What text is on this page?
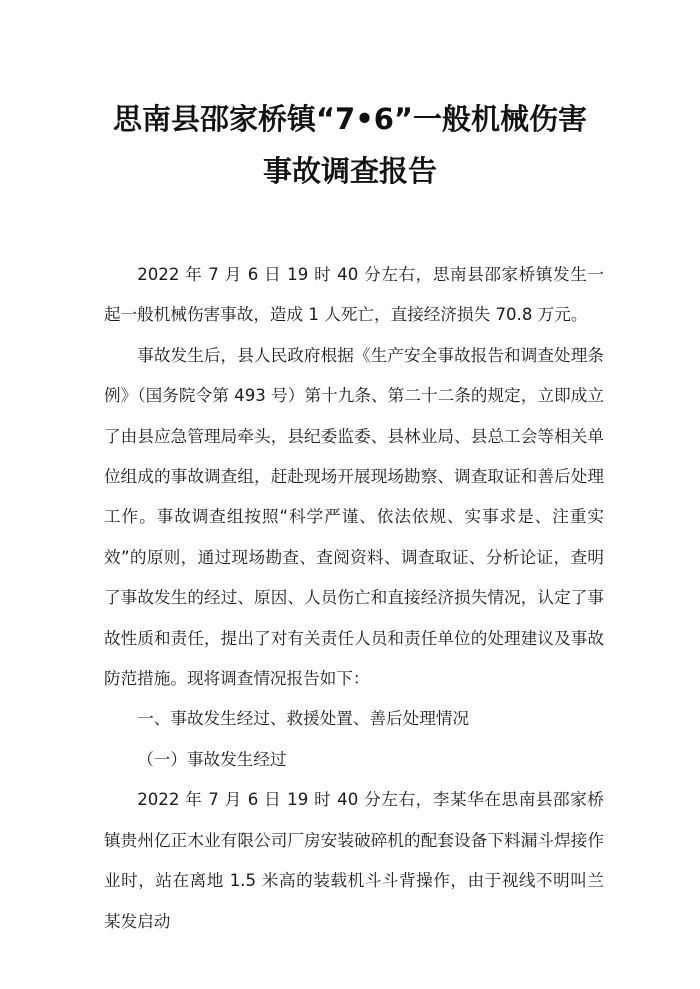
思南县邵家桥镇“7•6”一般机械伤害
事故调查报告

2022 年 7 月 6 日 19 时 40 分左右，思南县邵家桥镇发生一起一般机械伤害事故，造成 1 人死亡，直接经济损失 70.8 万元。

事故发生后，县人民政府根据《生产安全事故报告和调查处理条例》（国务院令第 493 号）第十九条、第二十二条的规定，立即成立了由县应急管理局牵头，县纪委监委、县林业局、县总工会等相关单位组成的事故调查组，赶赴现场开展现场勘察、调查取证和善后处理工作。事故调查组按照“科学严谨、依法依规、实事求是、注重实效”的原则，通过现场勘查、查阅资料、调查取证、分析论证，查明了事故发生的经过、原因、人员伤亡和直接经济损失情况，认定了事故性质和责任，提出了对有关责任人员和责任单位的处理建议及事故防范措施。现将调查情况报告如下：

一、事故发生经过、救援处置、善后处理情况

（一）事故发生经过

2022 年 7 月 6 日 19 时 40 分左右，李某华在思南县邵家桥镇贵州亿正木业有限公司厂房安装破碎机的配套设备下料漏斗焊接作业时，站在离地 1.5 米高的装载机斗斗背操作，由于视线不明叫兰某发启动
